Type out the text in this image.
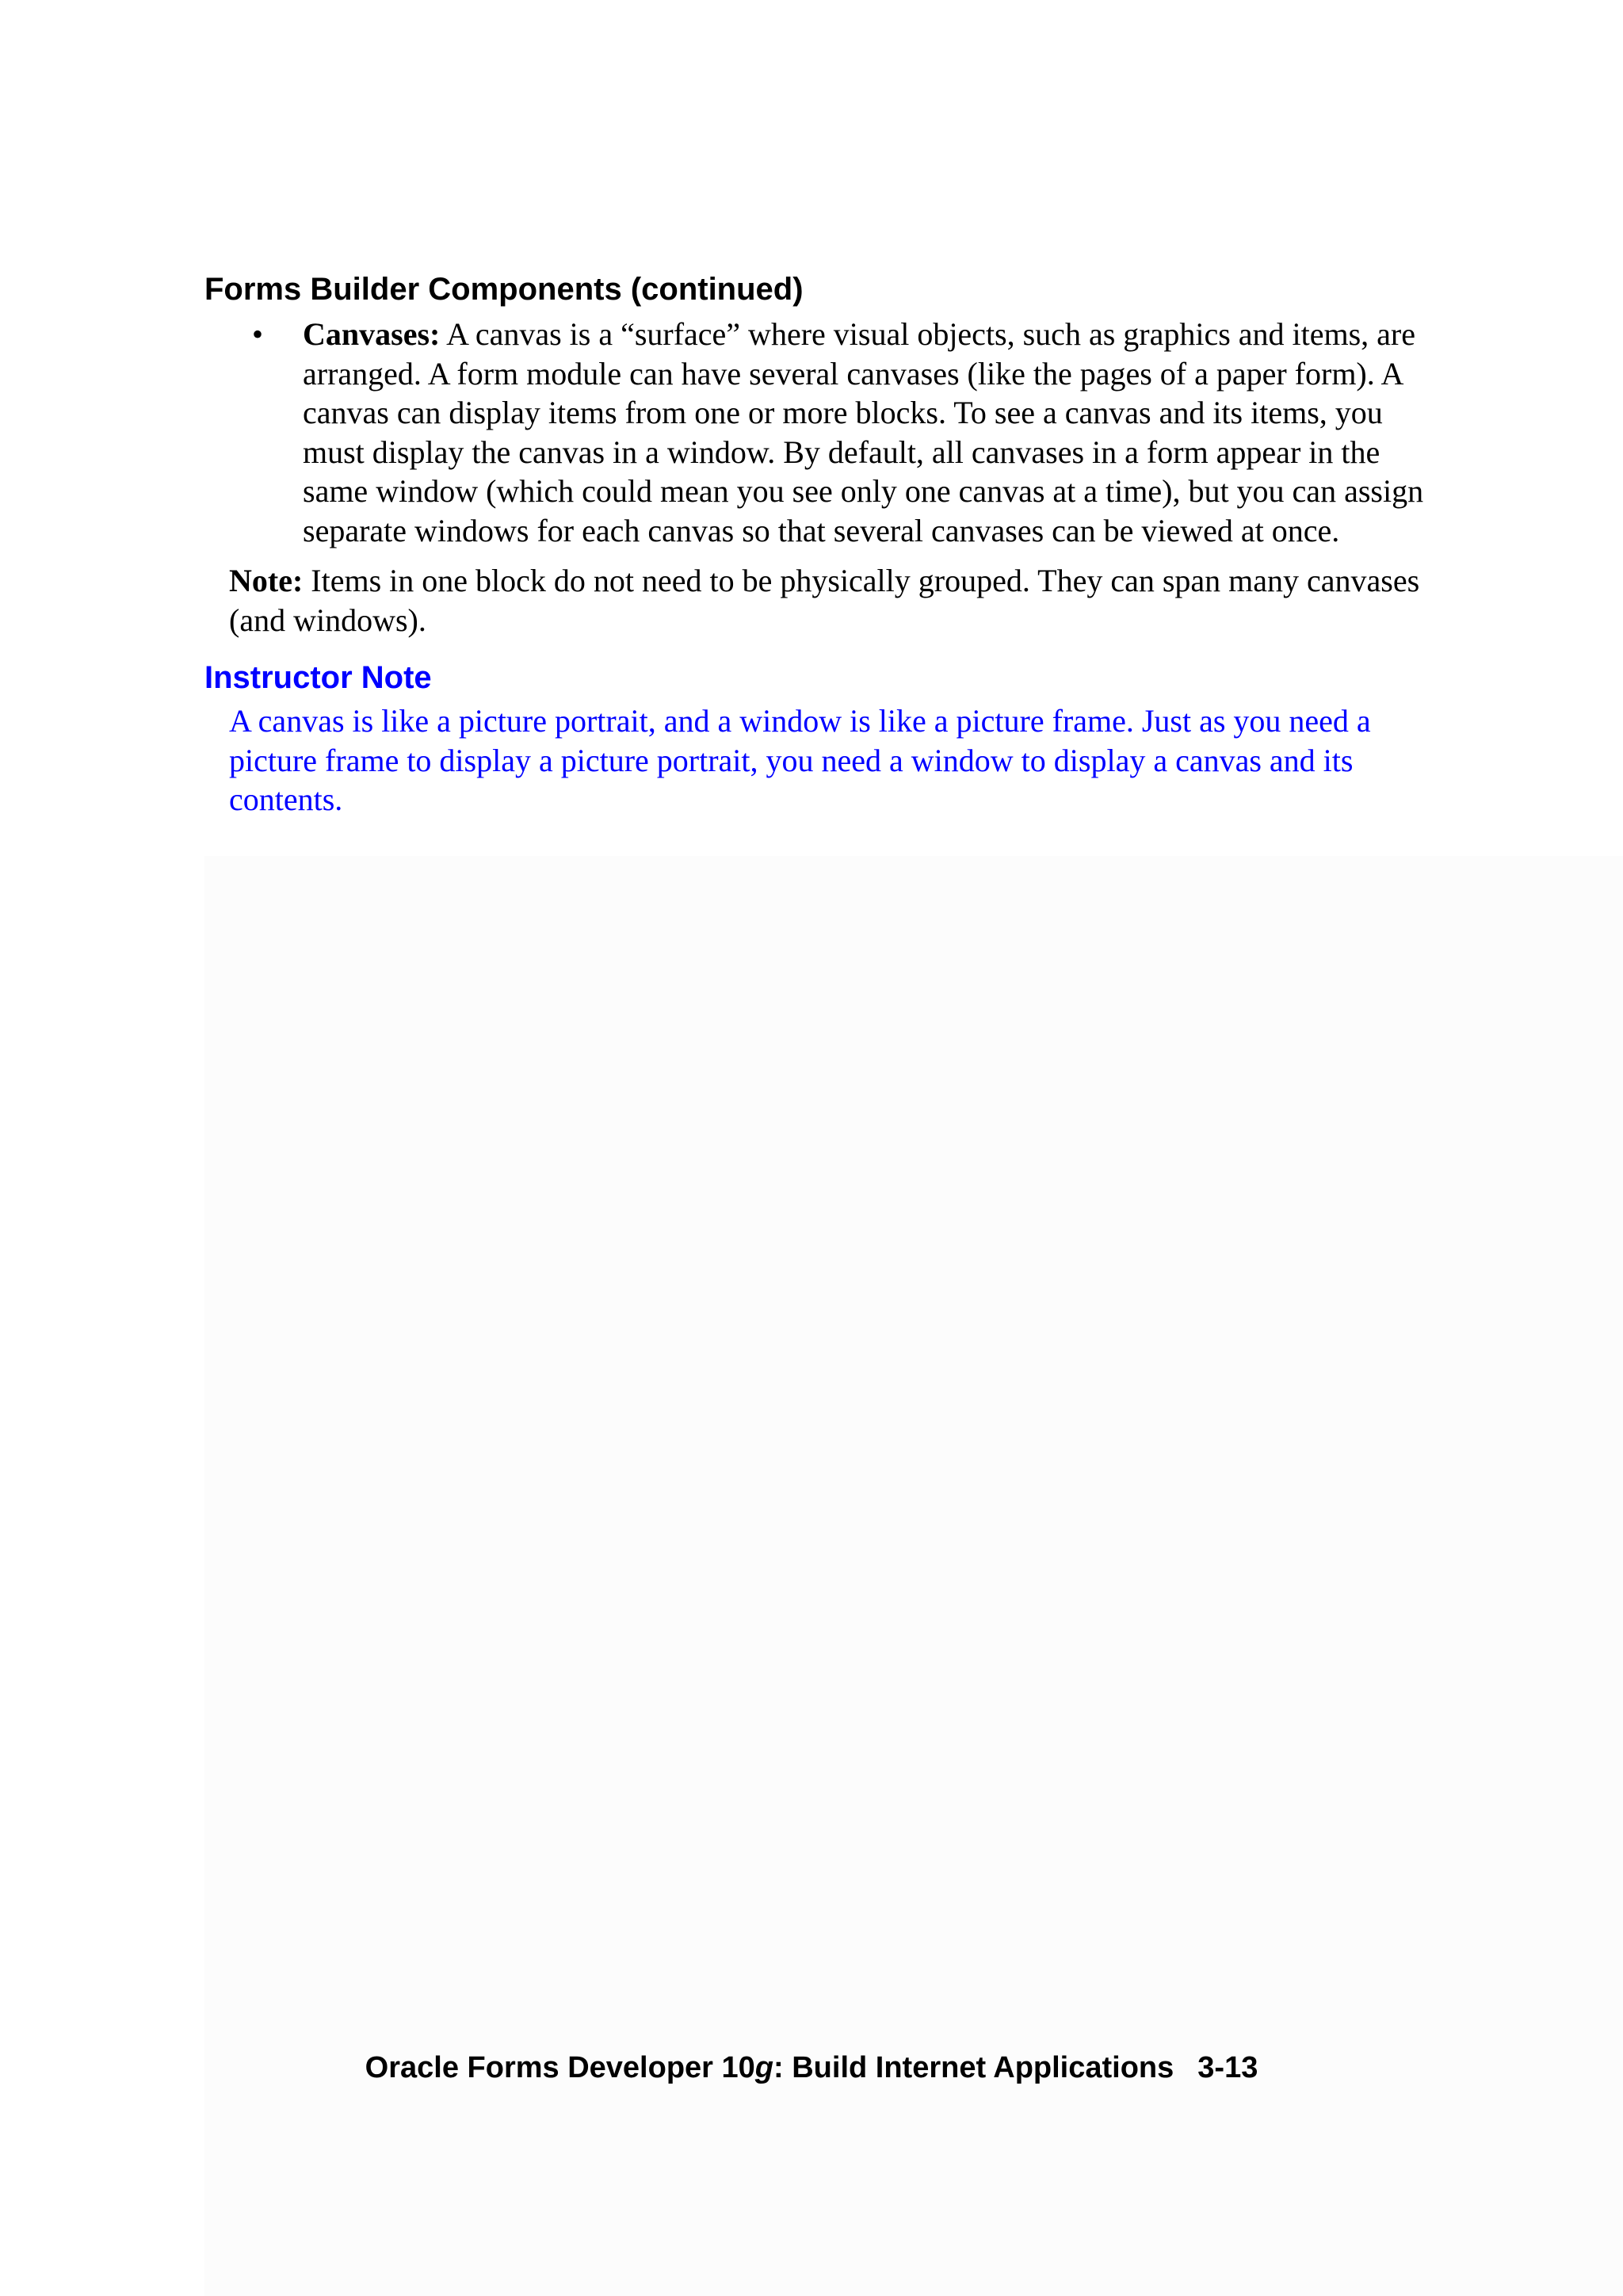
Forms Builder Components (continued)
• Canvases: A canvas is a “surface” where visual objects, such as graphics and items, are arranged. A form module can have several canvases (like the pages of a paper form). A canvas can display items from one or more blocks. To see a canvas and its items, you must display the canvas in a window. By default, all canvases in a form appear in the same window (which could mean you see only one canvas at a time), but you can assign separate windows for each canvas so that several canvases can be viewed at once.
Note: Items in one block do not need to be physically grouped. They can span many canvases (and windows).
Instructor Note
A canvas is like a picture portrait, and a window is like a picture frame. Just as you need a picture frame to display a picture portrait, you need a window to display a canvas and its contents.
Oracle Forms Developer 10g: Build Internet Applications 3-13
